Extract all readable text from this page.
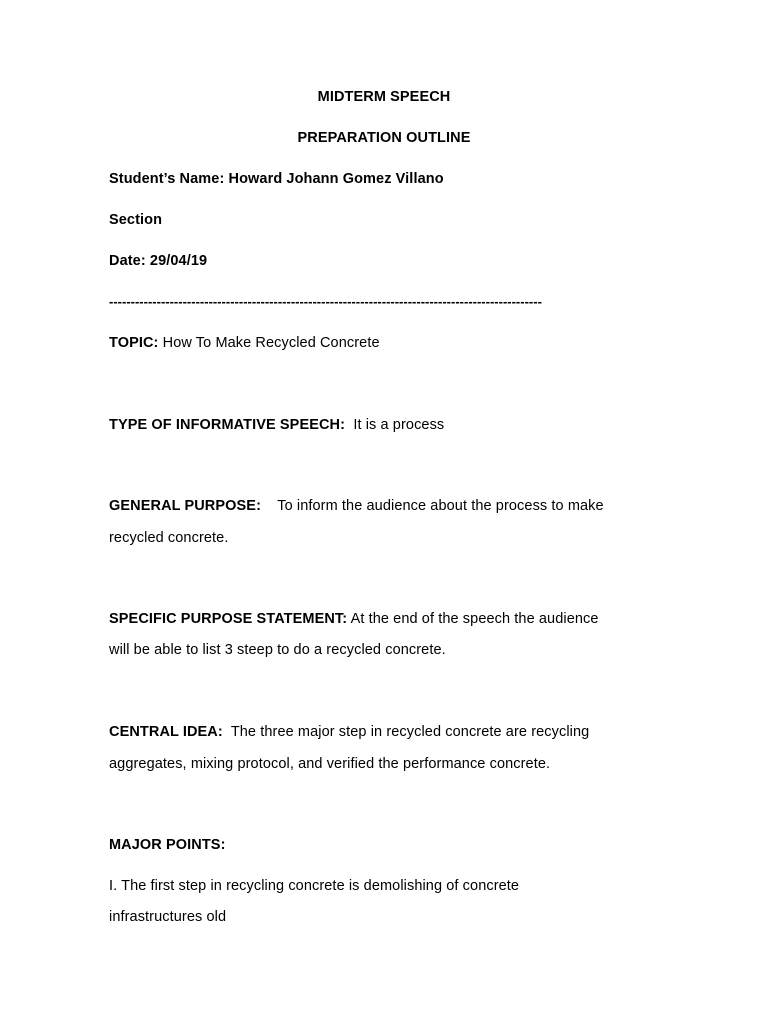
MIDTERM SPEECH
PREPARATION OUTLINE
Student’s Name: Howard Johann Gomez Villano
Section
Date: 29/04/19
----------------------------------------------------------------------------------------------------
TOPIC: How To Make Recycled Concrete
TYPE OF INFORMATIVE SPEECH: It is a process
GENERAL PURPOSE: To inform the audience about the process to make
recycled concrete.
SPECIFIC PURPOSE STATEMENT: At the end of the speech the audience
will be able to list 3 steep to do a recycled concrete.
CENTRAL IDEA: The three major step in recycled concrete are recycling
aggregates, mixing protocol, and verified the performance concrete.
MAJOR POINTS:
I. The first step in recycling concrete is demolishing of concrete
infrastructures old
